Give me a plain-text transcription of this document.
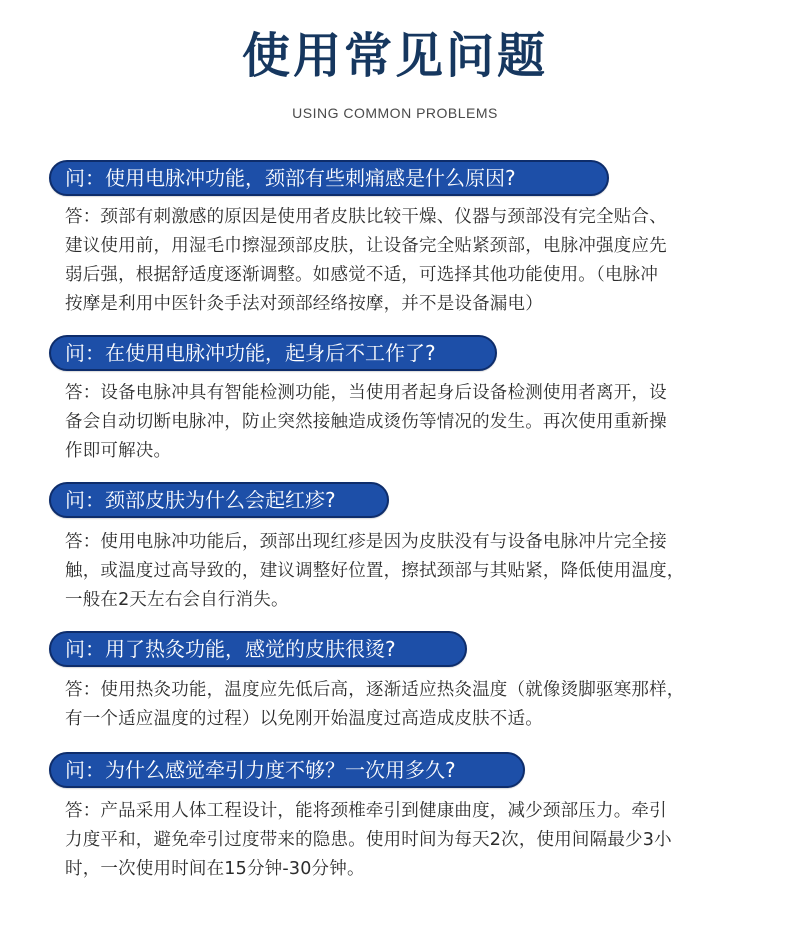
使用常见问题
USING COMMON PROBLEMS
问：使用电脉冲功能，颈部有些刺痛感是什么原因?
答：颈部有刺激感的原因是使用者皮肤比较干燥、仪器与颈部没有完全贴合、
建议使用前，用湿毛巾擦湿颈部皮肤，让设备完全贴紧颈部，电脉冲强度应先
弱后强，根据舒适度逐渐调整。如感觉不适，可选择其他功能使用。（电脉冲
按摩是利用中医针灸手法对颈部经络按摩，并不是设备漏电）
问：在使用电脉冲功能，起身后不工作了?
答：设备电脉冲具有智能检测功能，当使用者起身后设备检测使用者离开，设
备会自动切断电脉冲，防止突然接触造成烫伤等情况的发生。再次使用重新操
作即可解决。
问：颈部皮肤为什么会起红疹?
答：使用电脉冲功能后，颈部出现红疹是因为皮肤没有与设备电脉冲片完全接
触，或温度过高导致的，建议调整好位置，擦拭颈部与其贴紧，降低使用温度，
一般在2天左右会自行消失。
问：用了热灸功能，感觉的皮肤很烫?
答：使用热灸功能，温度应先低后高，逐渐适应热灸温度（就像烫脚驱寒那样，
有一个适应温度的过程）以免刚开始温度过高造成皮肤不适。
问：为什么感觉牵引力度不够？一次用多久?
答：产品采用人体工程设计，能将颈椎牵引到健康曲度，减少颈部压力。牵引
力度平和，避免牵引过度带来的隐患。使用时间为每天2次，使用间隔最少3小
时，一次使用时间在15分钟-30分钟。
